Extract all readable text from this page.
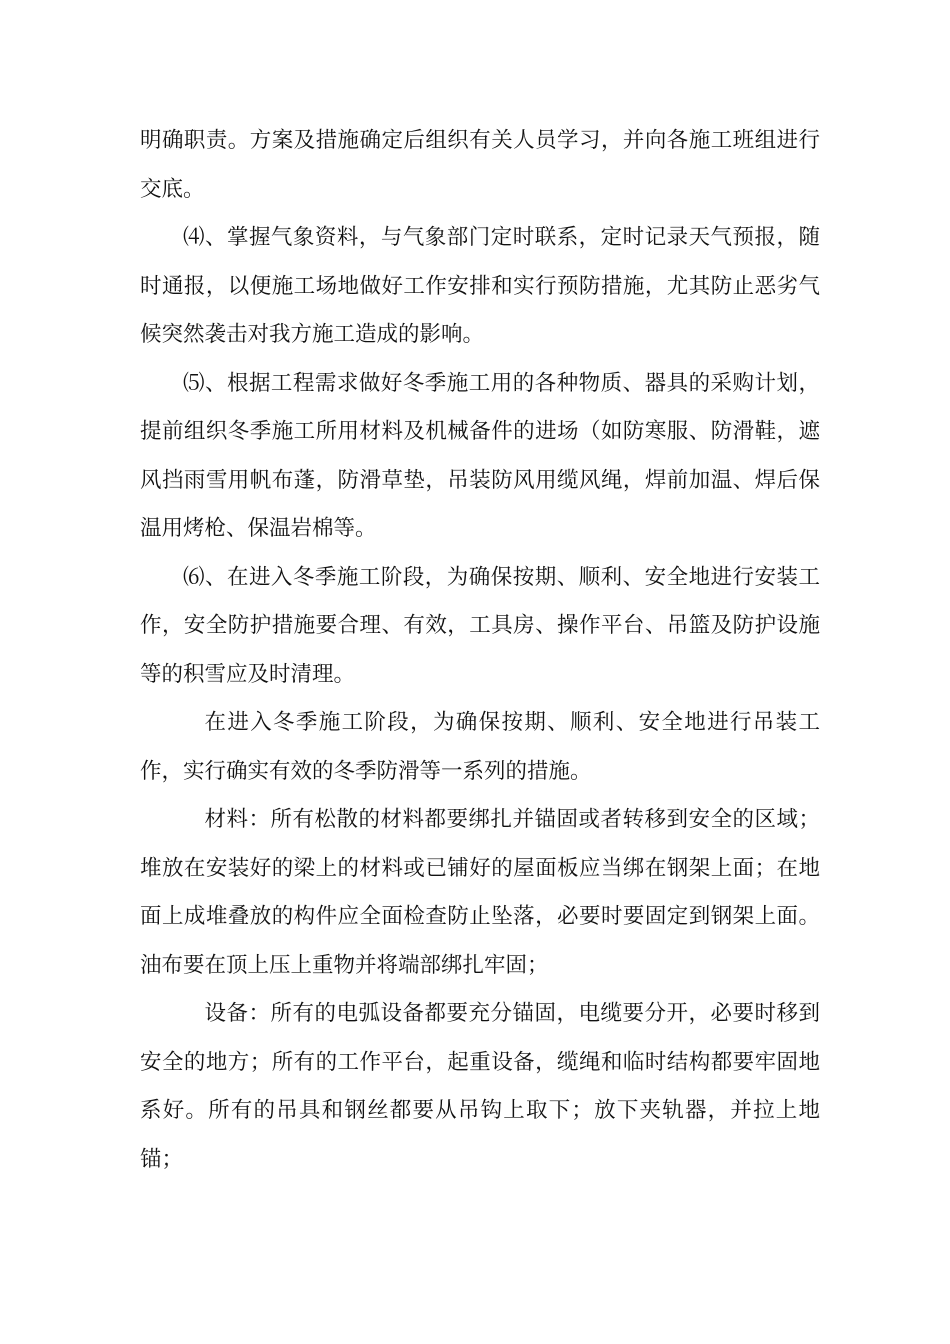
明确职责。方案及措施确定后组织有关人员学习，并向各施工班组进行交底。

⑷、掌握气象资料，与气象部门定时联系，定时记录天气预报，随时通报，以便施工场地做好工作安排和实行预防措施，尤其防止恶劣气候突然袭击对我方施工造成的影响。

⑸、根据工程需求做好冬季施工用的各种物质、器具的采购计划，提前组织冬季施工所用材料及机械备件的进场（如防寒服、防滑鞋，遮风挡雨雪用帆布蓬，防滑草垫，吊装防风用缆风绳，焊前加温、焊后保温用烤枪、保温岩棉等。

⑹、在进入冬季施工阶段，为确保按期、顺利、安全地进行安装工作，安全防护措施要合理、有效，工具房、操作平台、吊篮及防护设施等的积雪应及时清理。

在进入冬季施工阶段，为确保按期、顺利、安全地进行吊装工作，实行确实有效的冬季防滑等一系列的措施。

材料：所有松散的材料都要绑扎并锚固或者转移到安全的区域；堆放在安装好的梁上的材料或已铺好的屋面板应当绑在钢架上面；在地面上成堆叠放的构件应全面检查防止坠落，必要时要固定到钢架上面。油布要在顶上压上重物并将端部绑扎牢固；

设备：所有的电弧设备都要充分锚固，电缆要分开，必要时移到安全的地方；所有的工作平台，起重设备，缆绳和临时结构都要牢固地系好。所有的吊具和钢丝都要从吊钩上取下；放下夹轨器，并拉上地锚；
